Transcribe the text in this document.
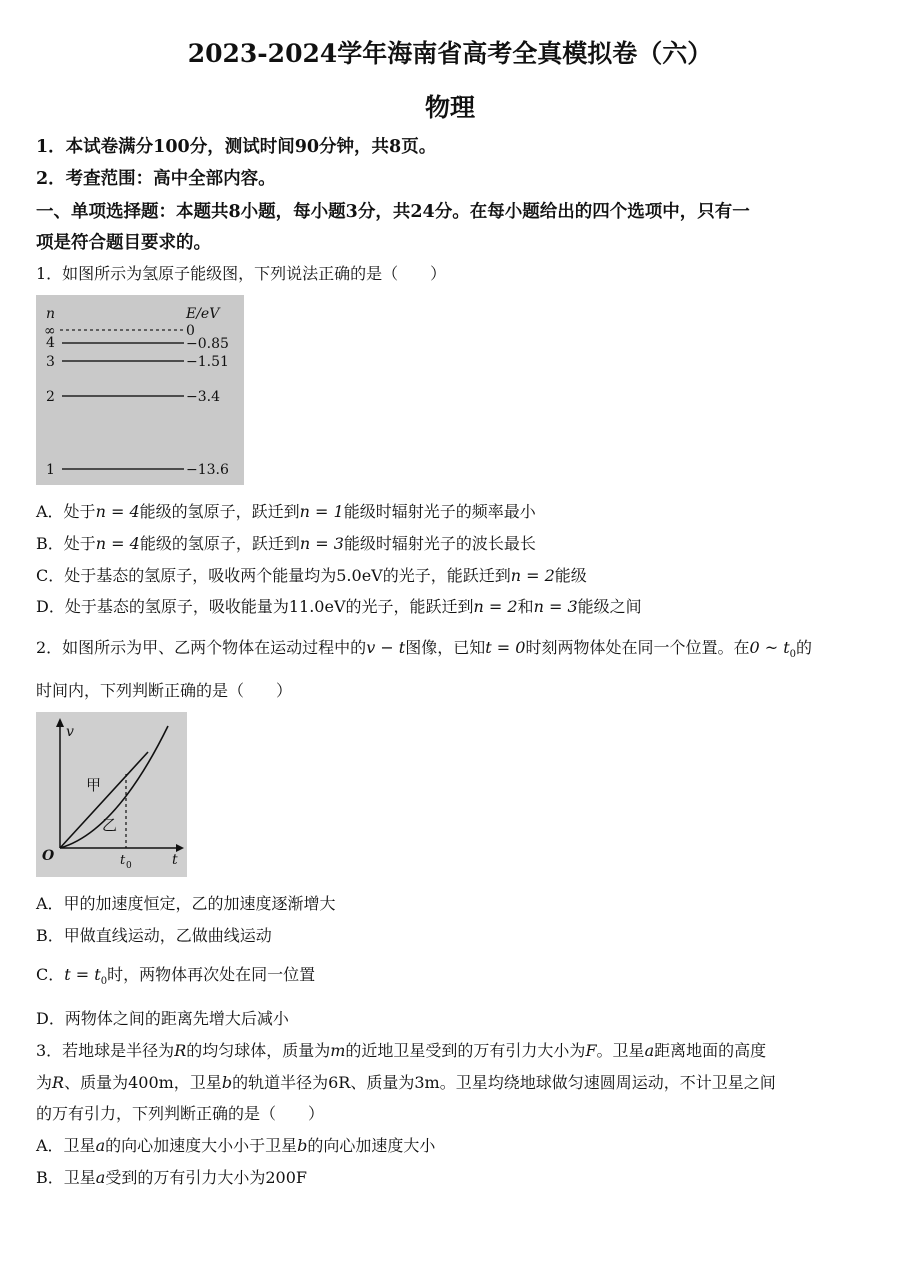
2023-2024学年海南省高考全真模拟卷（六）
物理
1．本试卷满分100分，测试时间90分钟，共8页。
2．考查范围：高中全部内容。
一、单项选择题：本题共8小题，每小题3分，共24分。在每小题给出的四个选项中，只有一
项是符合题目要求的。
1．如图所示为氢原子能级图，下列说法正确的是（　　）
n	E/eV
∞	0
4	−0.85
3	−1.51
2	−3.4
1	−13.6
A．处于n = 4能级的氢原子，跃迁到n = 1能级时辐射光子的频率最小
B．处于n = 4能级的氢原子，跃迁到n = 3能级时辐射光子的波长最长
C．处于基态的氢原子，吸收两个能量均为5.0eV的光子，能跃迁到n = 2能级
D．处于基态的氢原子，吸收能量为11.0eV的光子，能跃迁到n = 2和n = 3能级之间
2．如图所示为甲、乙两个物体在运动过程中的v − t图像，已知t = 0时刻两物体处在同一个位置。在0 ~ $t_0$的
时间内，下列判断正确的是（　　）
v
t
O	t 0
甲
乙
A．甲的加速度恒定，乙的加速度逐渐增大
B．甲做直线运动，乙做曲线运动
C．$t = t_0$时，两物体再次处在同一位置
D．两物体之间的距离先增大后减小
3．若地球是半径为R的均匀球体，质量为m的近地卫星受到的万有引力大小为F。卫星a距离地面的高度
为R、质量为400m，卫星b的轨道半径为6R、质量为3m。卫星均绕地球做匀速圆周运动，不计卫星之间
的万有引力，下列判断正确的是（　　）
A．卫星a的向心加速度大小小于卫星b的向心加速度大小
B．卫星a受到的万有引力大小为200F
